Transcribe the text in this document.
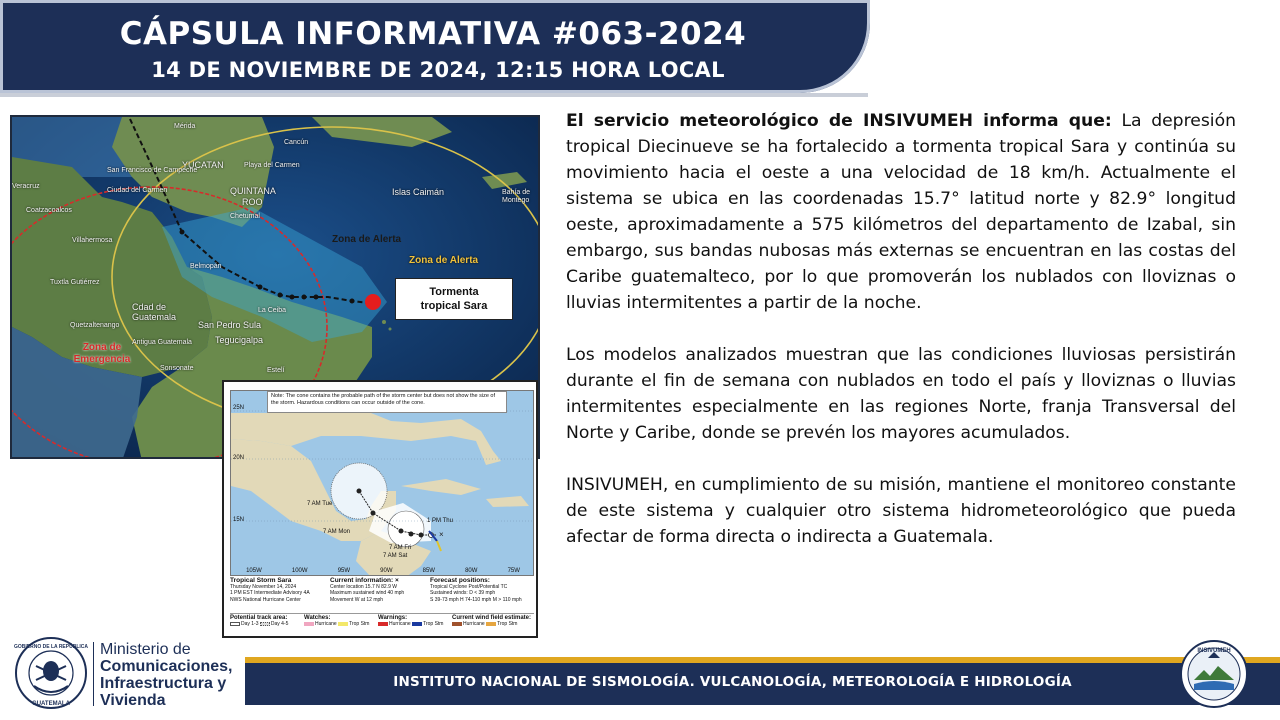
CÁPSULA INFORMATIVA #063-2024
14 DE NOVIEMBRE DE 2024, 12:15 HORA LOCAL
Mérida
YUCATAN
Cancún
Playa del Carmen
QUINTANA
ROO
Chetumal
San Francisco de Campeche
Ciudad del Carmen
Veracruz
Villahermosa
Coatzacoalcos
Tuxtla Gutiérrez
Belmopán
Cdad de Guatemala
Quetzaltenango
Antigua Guatemala
San Pedro Sula
Tegucigalpa
La Ceiba
Islas Caimán	Bahía de Montego
Sonsonate	Estelí
Zona de Alerta
Zona de Alerta
Zona de Emergencia
Tormenta
tropical Sara
×
Note: The cone contains the probable path of the storm center but does not show the size of the storm. Hazardous conditions can occur outside of the cone.
25N
20N
15N
7 AM Tue
7 AM Mon
7 AM Fri
7 AM Sat
1 PM Thu
105W	100W	95W	90W	85W	80W	75W
Tropical Storm Sara
Thursday November 14, 2024
1 PM EST Intermediate Advisory 4A
NWS National Hurricane Center
Current information: ×
Center location 15.7 N 82.9 W
Maximum sustained wind 40 mph
Movement W at 12 mph
Forecast positions:
Tropical Cyclone Post/Potential TC
Sustained winds: D < 39 mph
S 39-73 mph H 74-110 mph M > 110 mph
Potential track area:
Day 1-3 Day 4-5
Watches:
Hurricane Trop Stm
Warnings:
Hurricane Trop Stm
Current wind field estimate:
Hurricane Trop Stm

El servicio meteorológico de INSIVUMEH informa que: La depresión tropical Diecinueve se ha fortalecido a tormenta tropical Sara y continúa su movimiento hacia el oeste a una velocidad de 18 km/h. Actualmente el sistema se ubica en las coordenadas 15.7° latitud norte y 82.9° longitud oeste, aproximadamente a 575 kilómetros del departamento de Izabal, sin embargo, sus bandas nubosas más externas se encuentran en las costas del Caribe guatemalteco, por lo que promoverán los nublados con lloviznas o lluvias intermitentes a partir de la noche.

Los modelos analizados muestran que las condiciones lluviosas persistirán durante el fin de semana con nublados en todo el país y lloviznas o lluvias intermitentes especialmente en las regiones Norte, franja Transversal del Norte y Caribe, donde se prevén los mayores acumulados.

INSIVUMEH, en cumplimiento de su misión, mantiene el monitoreo constante de este sistema y cualquier otro sistema hidrometeorológico que pueda afectar de forma directa o indirecta a Guatemala.

GOBIERNO DE LA REPÚBLICA
GUATEMALA
Ministerio de
Comunicaciones,
Infraestructura y
Vivienda
INSTITUTO NACIONAL DE SISMOLOGÍA. VULCANOLOGÍA, METEOROLOGÍA E HIDROLOGÍA
INSIVUMEH
